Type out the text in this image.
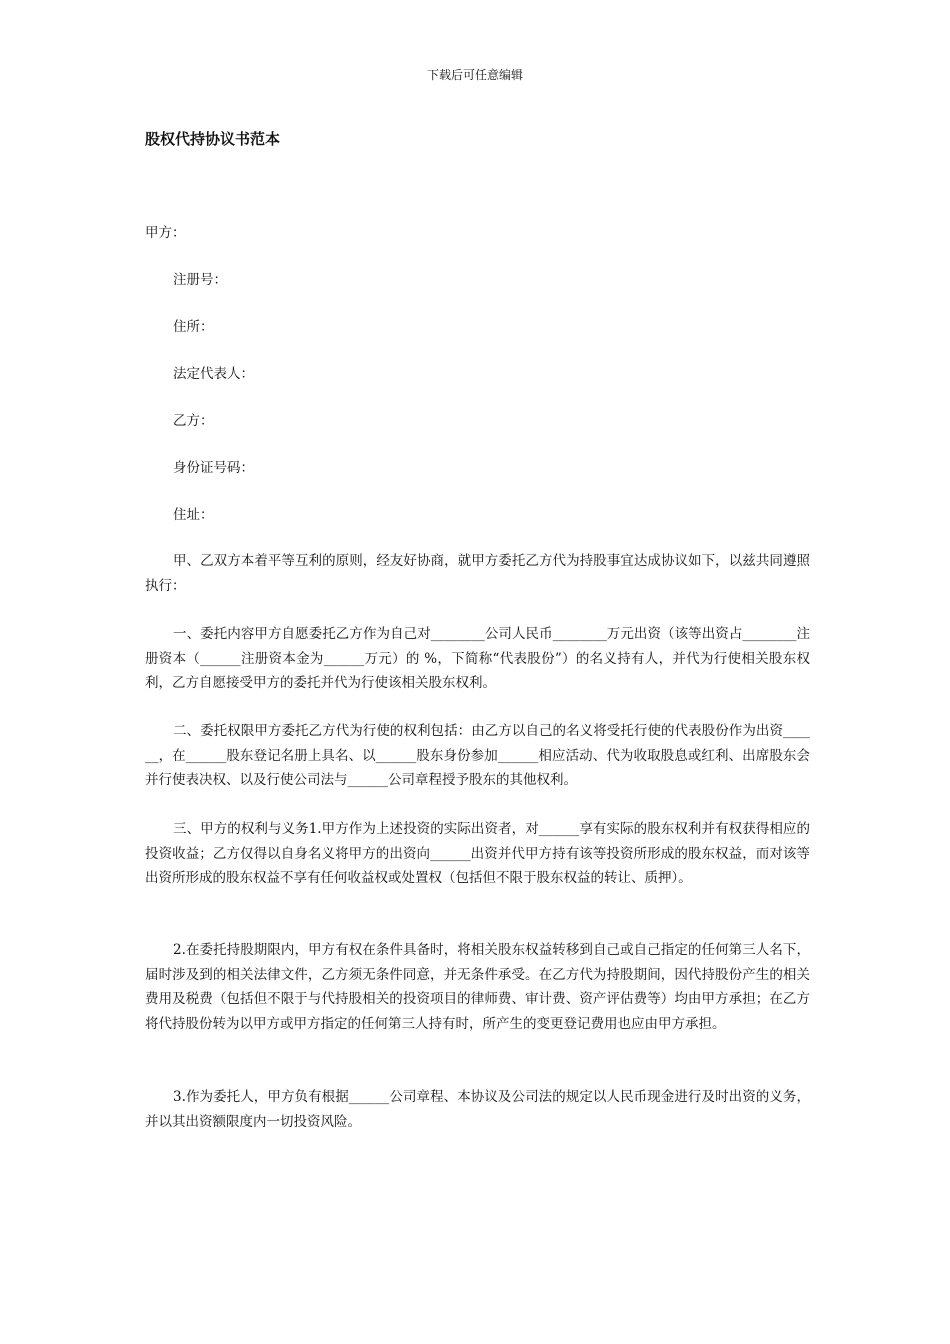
下载后可任意编辑
股权代持协议书范本

甲方：

注册号：

住所：

法定代表人：

乙方：

身份证号码：

住址：

甲、乙双方本着平等互利的原则，经友好协商，就甲方委托乙方代为持股事宜达成协议如下，以兹共同遵照执行：

一、委托内容甲方自愿委托乙方作为自己对________公司人民币________万元出资（该等出资占________注册资本（______注册资本金为______万元）的 %，下简称“代表股份”）的名义持有人，并代为行使相关股东权利，乙方自愿接受甲方的委托并代为行使该相关股东权利。

二、委托权限甲方委托乙方代为行使的权利包括：由乙方以自己的名义将受托行使的代表股份作为出资______，在______股东登记名册上具名、以______股东身份参加______相应活动、代为收取股息或红利、出席股东会并行使表决权、以及行使公司法与______公司章程授予股东的其他权利。

三、甲方的权利与义务1.甲方作为上述投资的实际出资者，对______享有实际的股东权利并有权获得相应的投资收益；乙方仅得以自身名义将甲方的出资向______出资并代甲方持有该等投资所形成的股东权益，而对该等出资所形成的股东权益不享有任何收益权或处置权（包括但不限于股东权益的转让、质押）。

2.在委托持股期限内，甲方有权在条件具备时，将相关股东权益转移到自己或自己指定的任何第三人名下，届时涉及到的相关法律文件，乙方须无条件同意，并无条件承受。在乙方代为持股期间，因代持股份产生的相关费用及税费（包括但不限于与代持股相关的投资项目的律师费、审计费、资产评估费等）均由甲方承担；在乙方将代持股份转为以甲方或甲方指定的任何第三人持有时，所产生的变更登记费用也应由甲方承担。

3.作为委托人，甲方负有根据______公司章程、本协议及公司法的规定以人民币现金进行及时出资的义务，并以其出资额限度内一切投资风险。
